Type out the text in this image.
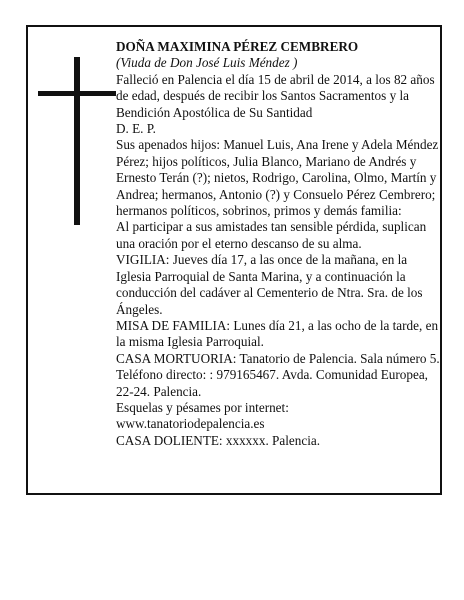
DOÑA MAXIMINA PÉREZ CEMBRERO

(Viuda de Don José Luis Méndez )

Falleció en Palencia el día 15 de abril de 2014, a los 82 años de edad, después de recibir los Santos Sacramentos y la Bendición Apostólica de Su Santidad

D. E. P.

Sus apenados hijos: Manuel Luis, Ana Irene y Adela Méndez Pérez; hijos políticos, Julia Blanco, Mariano de Andrés y Ernesto Terán (?); nietos, Rodrigo, Carolina, Olmo, Martín y Andrea; hermanos, Antonio (?) y Consuelo Pérez Cembrero; hermanos políticos, sobrinos, primos y demás familia:

Al participar a sus amistades tan sensible pérdida, suplican una oración por el eterno descanso de su alma.

VIGILIA: Jueves día 17, a las once de la mañana, en la Iglesia Parroquial de Santa Marina, y a continuación la conducción del cadáver al Cementerio de Ntra. Sra. de los Ángeles.

MISA DE FAMILIA: Lunes día 21, a las ocho de la tarde, en la misma Iglesia Parroquial.

CASA MORTUORIA: Tanatorio de Palencia. Sala número 5. Teléfono directo: : 979165467. Avda. Comunidad Europea, 22-24. Palencia.

Esquelas y pésames por internet: www.tanatoriodepalencia.es

CASA DOLIENTE: xxxxxx. Palencia.
